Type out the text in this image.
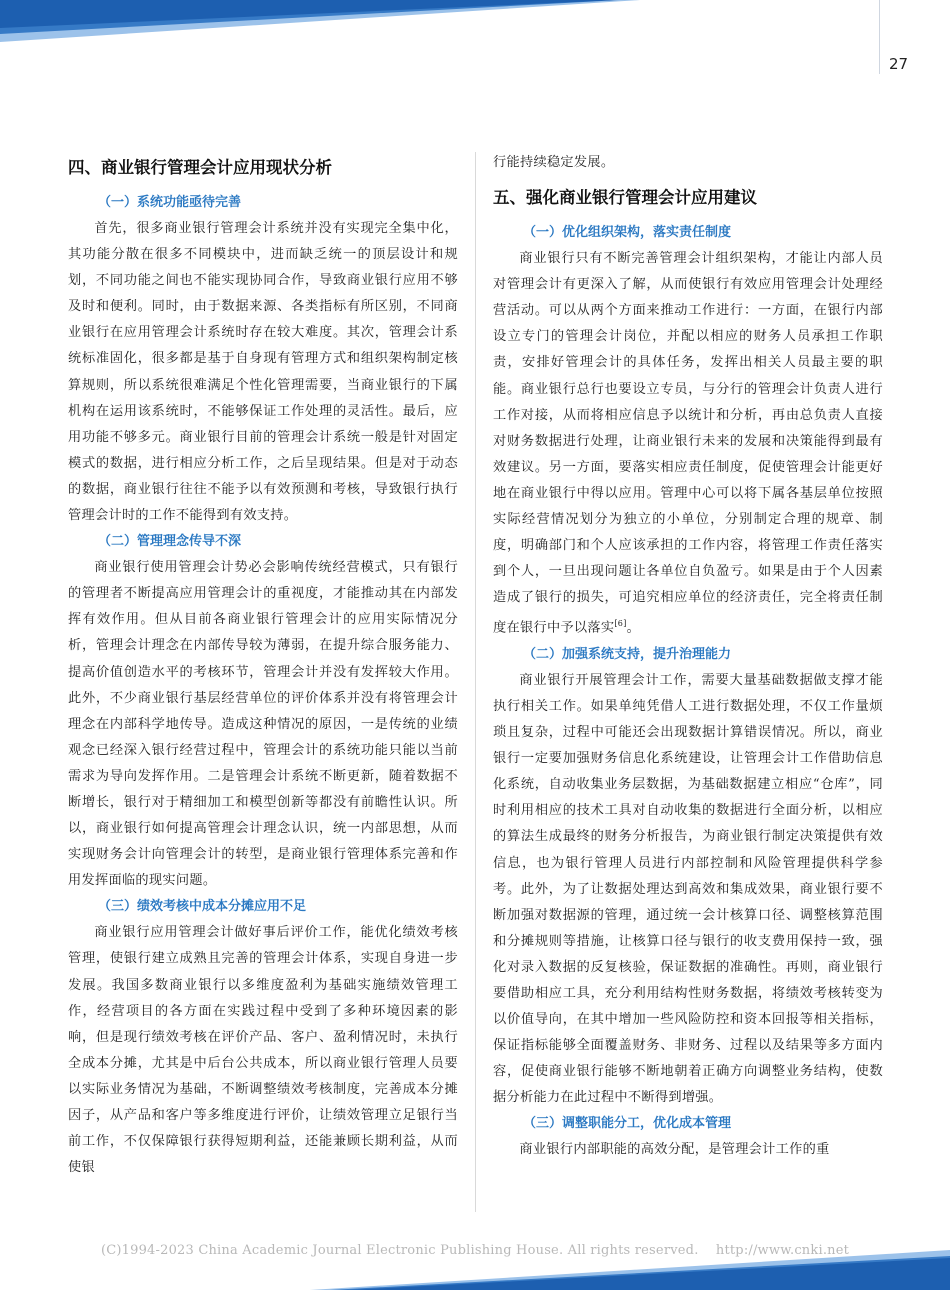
27
四、商业银行管理会计应用现状分析
（一）系统功能亟待完善

首先，很多商业银行管理会计系统并没有实现完全集中化，其功能分散在很多不同模块中，进而缺乏统一的顶层设计和规划，不同功能之间也不能实现协同合作，导致商业银行应用不够及时和便利。同时，由于数据来源、各类指标有所区别，不同商业银行在应用管理会计系统时存在较大难度。其次，管理会计系统标准固化，很多都是基于自身现有管理方式和组织架构制定核算规则，所以系统很难满足个性化管理需要，当商业银行的下属机构在运用该系统时，不能够保证工作处理的灵活性。最后，应用功能不够多元。商业银行目前的管理会计系统一般是针对固定模式的数据，进行相应分析工作，之后呈现结果。但是对于动态的数据，商业银行往往不能予以有效预测和考核，导致银行执行管理会计时的工作不能得到有效支持。

（二）管理理念传导不深

商业银行使用管理会计势必会影响传统经营模式，只有银行的管理者不断提高应用管理会计的重视度，才能推动其在内部发挥有效作用。但从目前各商业银行管理会计的应用实际情况分析，管理会计理念在内部传导较为薄弱，在提升综合服务能力、提高价值创造水平的考核环节，管理会计并没有发挥较大作用。此外，不少商业银行基层经营单位的评价体系并没有将管理会计理念在内部科学地传导。造成这种情况的原因，一是传统的业绩观念已经深入银行经营过程中，管理会计的系统功能只能以当前需求为导向发挥作用。二是管理会计系统不断更新，随着数据不断增长，银行对于精细加工和模型创新等都没有前瞻性认识。所以，商业银行如何提高管理会计理念认识，统一内部思想，从而实现财务会计向管理会计的转型，是商业银行管理体系完善和作用发挥面临的现实问题。

（三）绩效考核中成本分摊应用不足

商业银行应用管理会计做好事后评价工作，能优化绩效考核管理，使银行建立成熟且完善的管理会计体系，实现自身进一步发展。我国多数商业银行以多维度盈利为基础实施绩效管理工作，经营项目的各方面在实践过程中受到了多种环境因素的影响，但是现行绩效考核在评价产品、客户、盈利情况时，未执行全成本分摊，尤其是中后台公共成本，所以商业银行管理人员要以实际业务情况为基础，不断调整绩效考核制度，完善成本分摊因子，从产品和客户等多维度进行评价，让绩效管理立足银行当前工作，不仅保障银行获得短期利益，还能兼顾长期利益，从而使银

行能持续稳定发展。

五、强化商业银行管理会计应用建议
（一）优化组织架构，落实责任制度

商业银行只有不断完善管理会计组织架构，才能让内部人员对管理会计有更深入了解，从而使银行有效应用管理会计处理经营活动。可以从两个方面来推动工作进行：一方面，在银行内部设立专门的管理会计岗位，并配以相应的财务人员承担工作职责，安排好管理会计的具体任务，发挥出相关人员最主要的职能。商业银行总行也要设立专员，与分行的管理会计负责人进行工作对接，从而将相应信息予以统计和分析，再由总负责人直接对财务数据进行处理，让商业银行未来的发展和决策能得到最有效建议。另一方面，要落实相应责任制度，促使管理会计能更好地在商业银行中得以应用。管理中心可以将下属各基层单位按照实际经营情况划分为独立的小单位，分别制定合理的规章、制度，明确部门和个人应该承担的工作内容，将管理工作责任落实到个人，一旦出现问题让各单位自负盈亏。如果是由于个人因素造成了银行的损失，可追究相应单位的经济责任，完全将责任制度在银行中予以落实[6]。

（二）加强系统支持，提升治理能力

商业银行开展管理会计工作，需要大量基础数据做支撑才能执行相关工作。如果单纯凭借人工进行数据处理，不仅工作量烦琐且复杂，过程中可能还会出现数据计算错误情况。所以，商业银行一定要加强财务信息化系统建设，让管理会计工作借助信息化系统，自动收集业务层数据，为基础数据建立相应“仓库”，同时利用相应的技术工具对自动收集的数据进行全面分析，以相应的算法生成最终的财务分析报告，为商业银行制定决策提供有效信息，也为银行管理人员进行内部控制和风险管理提供科学参考。此外，为了让数据处理达到高效和集成效果，商业银行要不断加强对数据源的管理，通过统一会计核算口径、调整核算范围和分摊规则等措施，让核算口径与银行的收支费用保持一致，强化对录入数据的反复核验，保证数据的准确性。再则，商业银行要借助相应工具，充分利用结构性财务数据，将绩效考核转变为以价值导向，在其中增加一些风险防控和资本回报等相关指标，保证指标能够全面覆盖财务、非财务、过程以及结果等多方面内容，促使商业银行能够不断地朝着正确方向调整业务结构，使数据分析能力在此过程中不断得到增强。

（三）调整职能分工，优化成本管理

商业银行内部职能的高效分配，是管理会计工作的重

(C)1994-2023 China Academic Journal Electronic Publishing House. All rights reserved. http://www.cnki.net
